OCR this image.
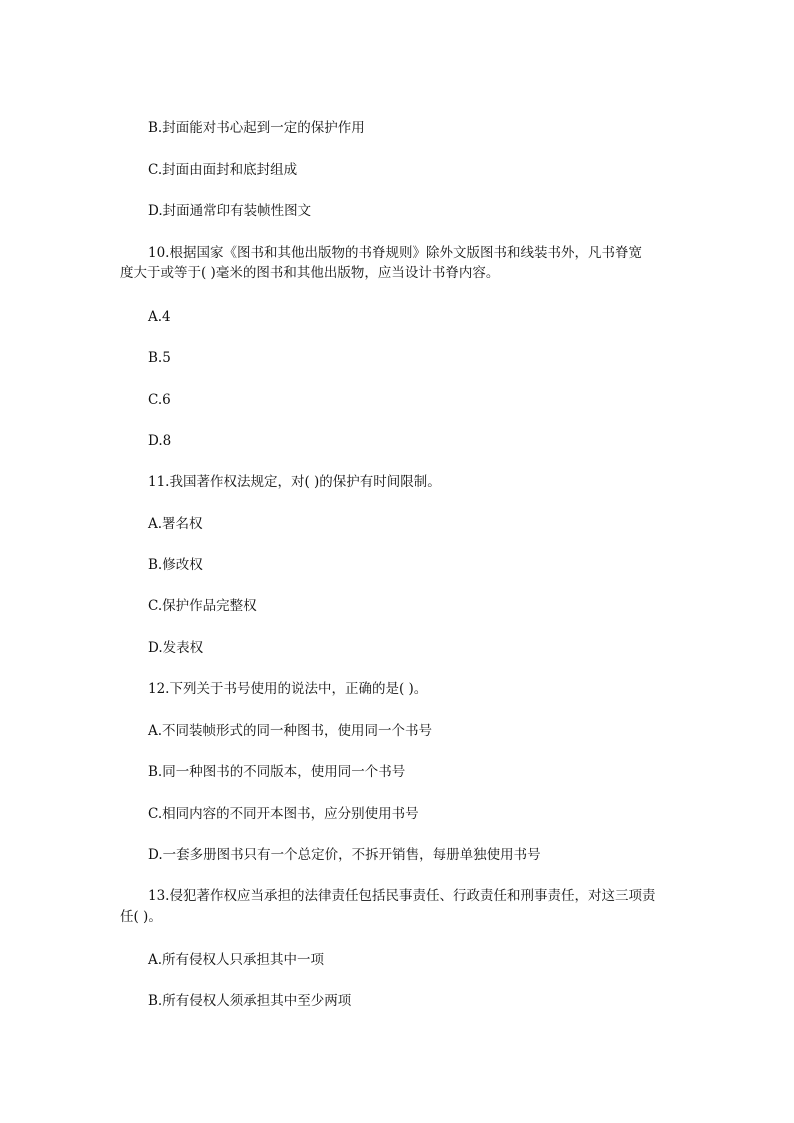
B.封面能对书心起到一定的保护作用
C.封面由面封和底封组成
D.封面通常印有装帧性图文
10.根据国家《图书和其他出版物的书脊规则》除外文版图书和线装书外，凡书脊宽
度大于或等于( )毫米的图书和其他出版物，应当设计书脊内容。
A.4
B.5
C.6
D.8
11.我国著作权法规定，对( )的保护有时间限制。
A.署名权
B.修改权
C.保护作品完整权
D.发表权
12.下列关于书号使用的说法中，正确的是( )。
A.不同装帧形式的同一种图书，使用同一个书号
B.同一种图书的不同版本，使用同一个书号
C.相同内容的不同开本图书，应分别使用书号
D.一套多册图书只有一个总定价，不拆开销售，每册单独使用书号
13.侵犯著作权应当承担的法律责任包括民事责任、行政责任和刑事责任，对这三项责
任( )。
A.所有侵权人只承担其中一项
B.所有侵权人须承担其中至少两项
